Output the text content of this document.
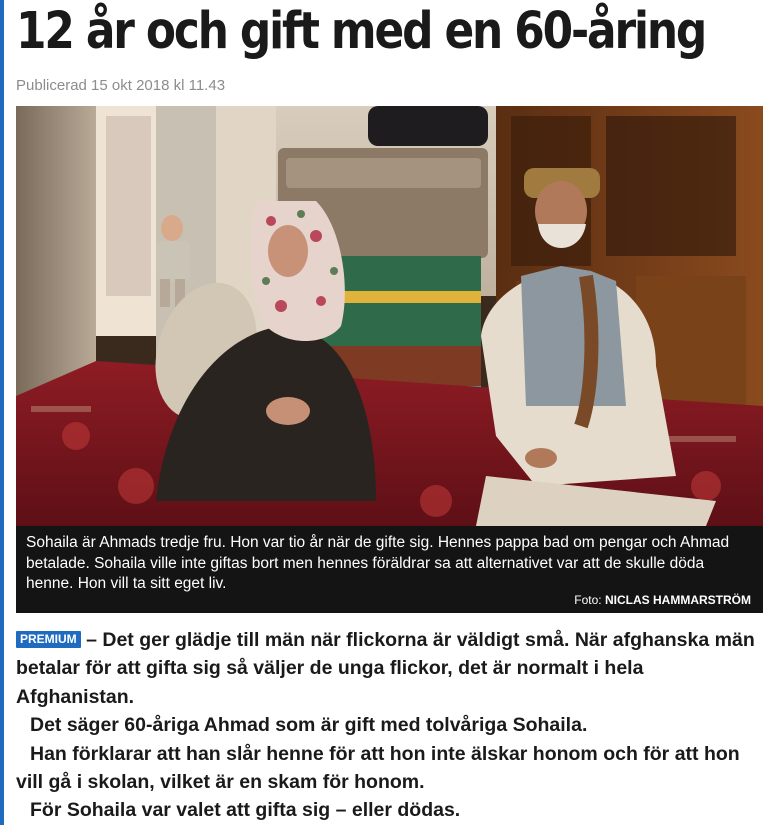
12 år och gift med en 60-åring
Publicerad 15 okt 2018 kl 11.43

Sohaila är Ahmads tredje fru. Hon var tio år när de gifte sig. Hennes pappa bad om pengar och Ahmad betalade. Sohaila ville inte giftas bort men hennes föräldrar sa att alternativet var att de skulle döda henne. Hon vill ta sitt eget liv.

Foto: NICLAS HAMMARSTRÖM

PREMIUM – Det ger glädje till män när flickorna är väldigt små. När afghanska män betalar för att gifta sig så väljer de unga flickor, det är normalt i hela Afghanistan.

Det säger 60-åriga Ahmad som är gift med tolvåriga Sohaila.

Han förklarar att han slår henne för att hon inte älskar honom och för att hon vill gå i skolan, vilket är en skam för honom.

För Sohaila var valet att gifta sig – eller dödas.
